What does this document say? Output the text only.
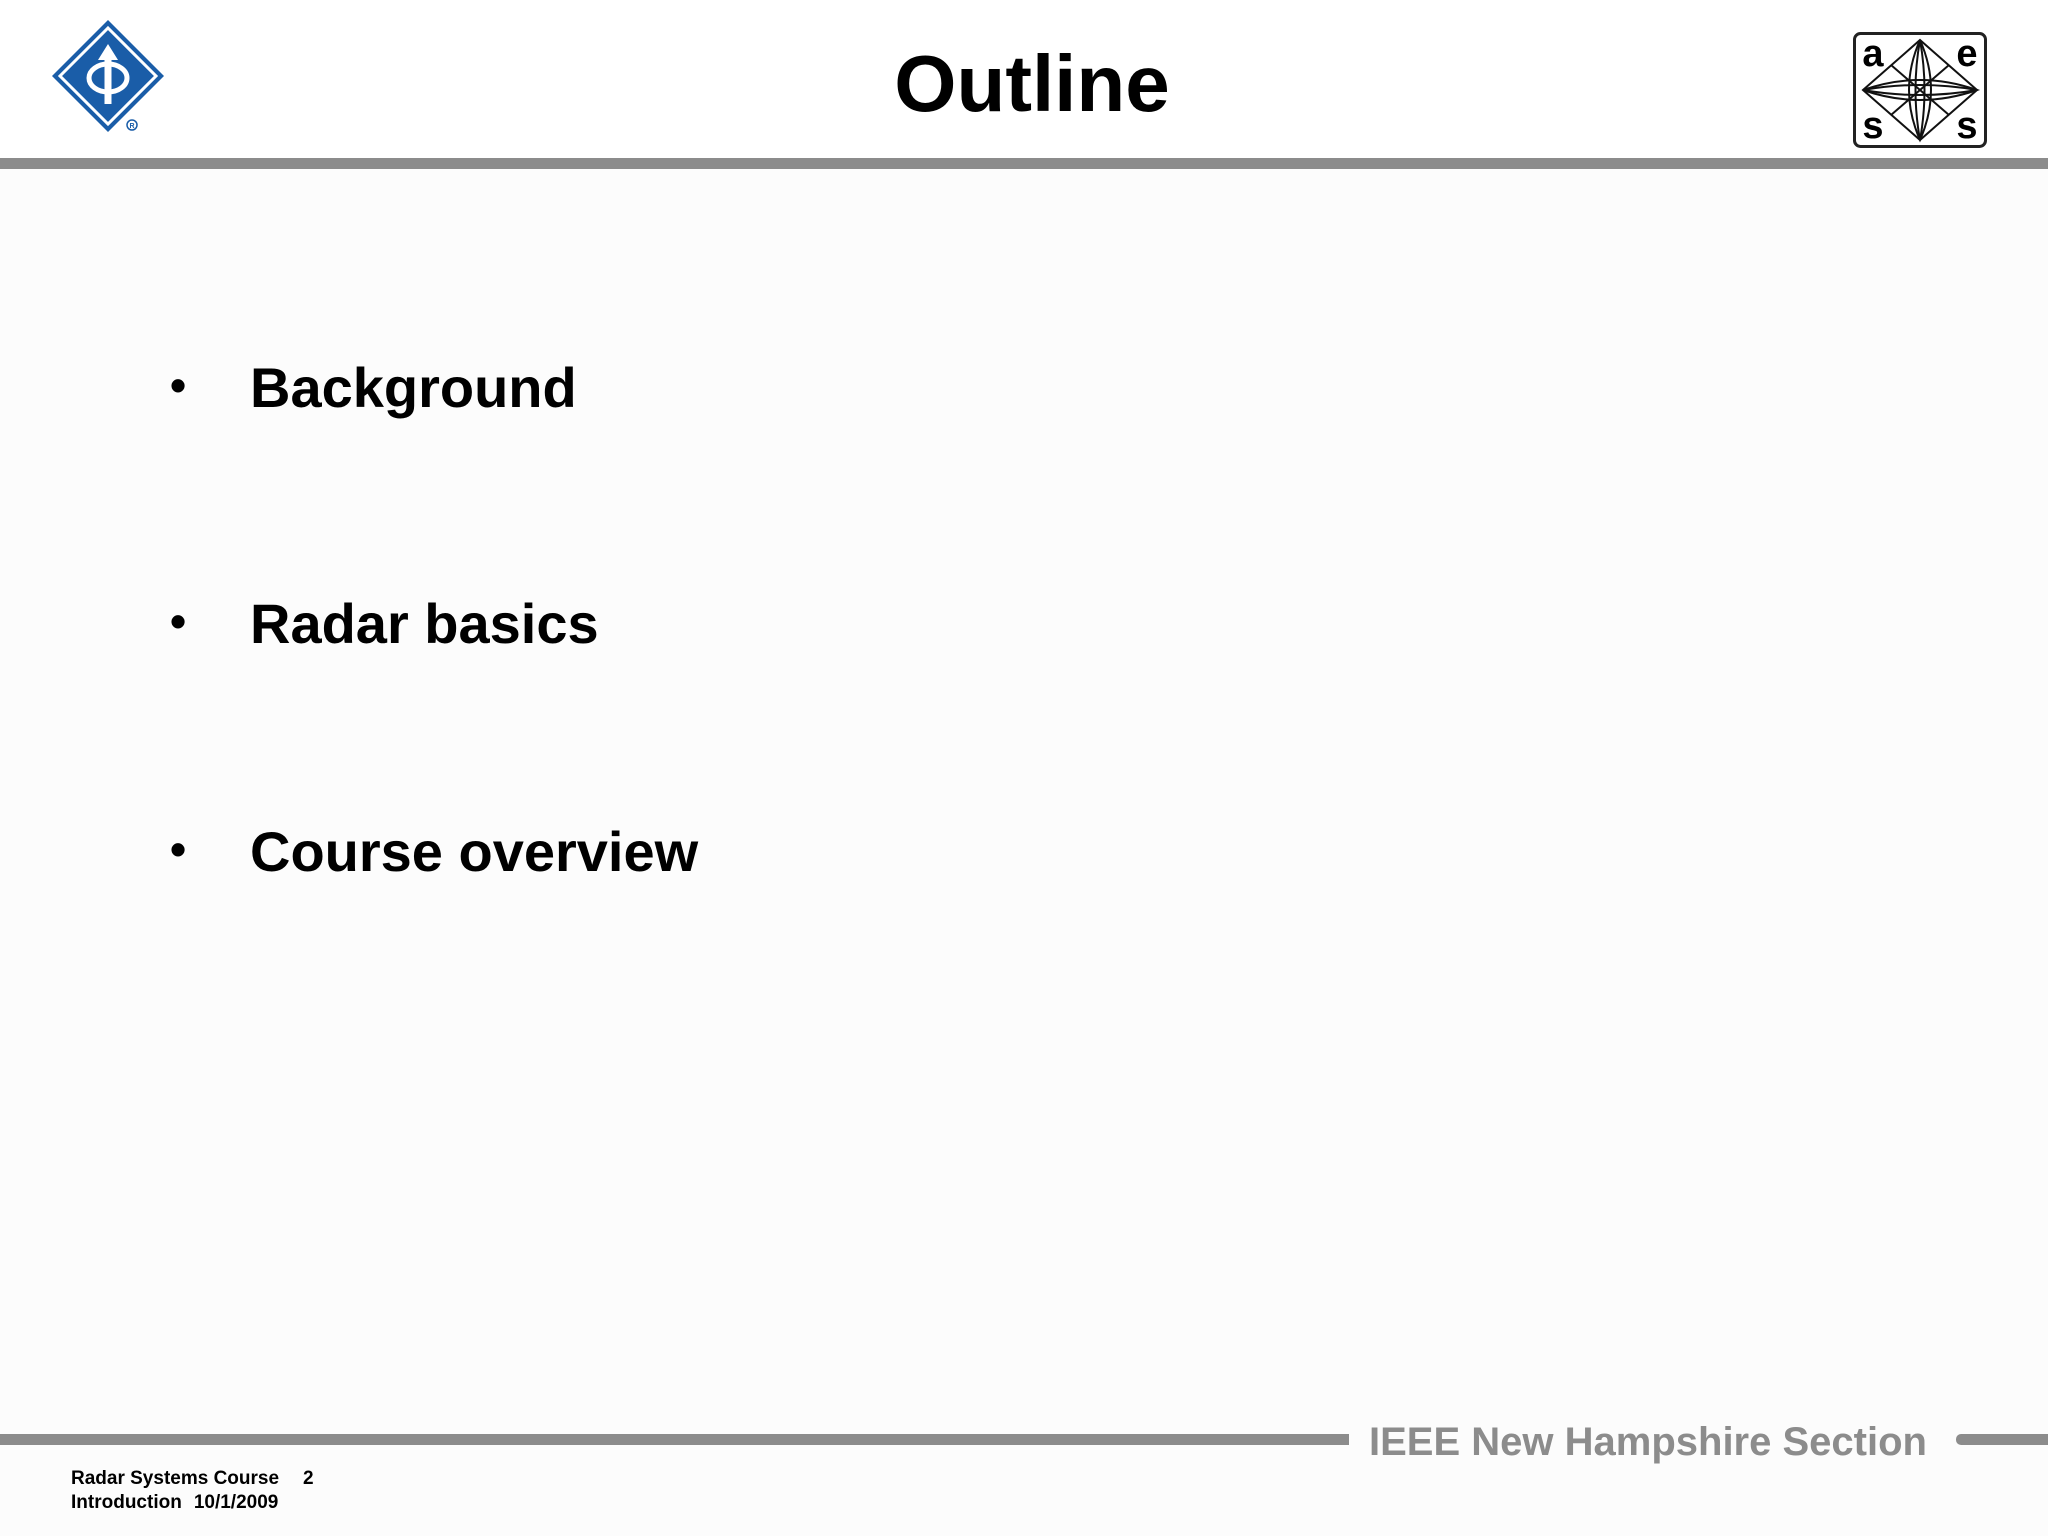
R	Outline	a e
s s
• Background
• Radar basics
• Course overview
IEEE New Hampshire Section
Radar Systems Course 2
Introduction 10/1/2009
